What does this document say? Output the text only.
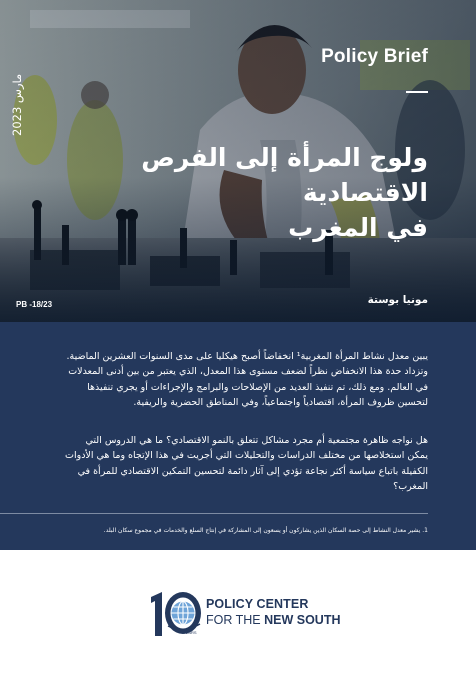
Policy Brief
مارس 2023
ولوج المرأة إلى الفرص الاقتصادية
في المغرب
مونيا بوستة
PB -18/23

يبين معدل نشاط المرأة المغربية¹ انخفاضاً أصبح هيكليا على مدى السنوات العشرين الماضية.
وتزداد حدة هذا الانخفاض نظراً لضعف مستوى هذا المعدل، الذي يعتبر من بين أدنى المعدلات
في العالم. ومع ذلك، تم تنفيذ العديد من الإصلاحات والبرامج والإجراءات أو يجري تنفيذها
لتحسين ظروف المرأة، اقتصادياً واجتماعياً، وفي المناطق الحضرية والريفية.

هل نواجه ظاهرة مجتمعية أم مجرد مشاكل تتعلق بالنمو الاقتصادي؟ ما هي الدروس التي
يمكن استخلاصها من مختلف الدراسات والتحليلات التي أجريت في هذا الإتجاه وما هي الأدوات
الكفيلة باتباع سياسة أكثر نجاعة تؤدي إلى آثار دائمة لتحسين التمكين الاقتصادي للمرأة في
المغرب؟

1. يشير معدل النشاط إلى حصة السكان الذين يشاركون أو يسعون إلى المشاركة في إنتاج السلع والخدمات في مجموع سكان البلد.

YEARS
POLICY CENTER
FOR THE NEW SOUTH
